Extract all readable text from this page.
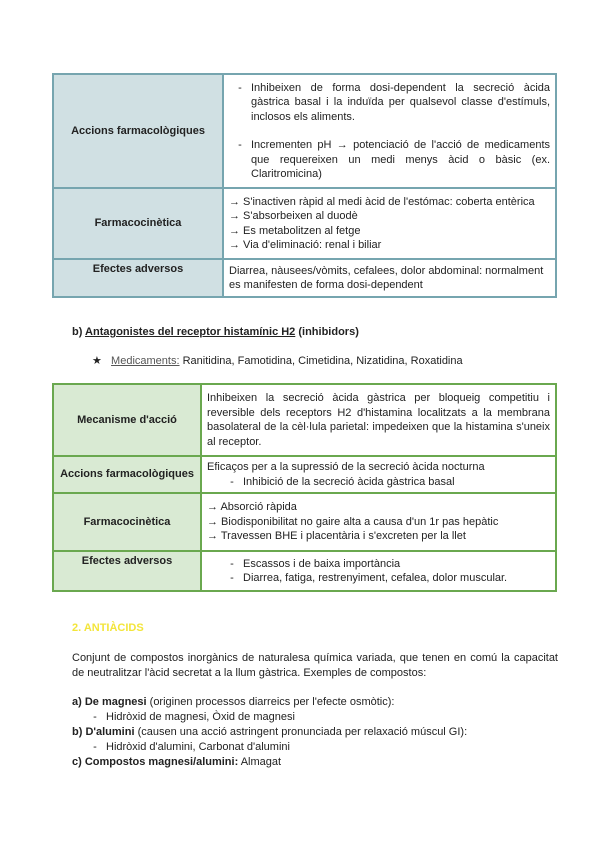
Accions farmacològiques	- Inhibeixen de forma dosi-dependent la secreció àcida gàstrica basal i la induïda per qualsevol classe d'estímuls, inclosos els aliments.
- Incrementen pH → potenciació de l'acció de medicaments que requereixen un medi menys àcid o bàsic (ex. Claritromicina)

Farmacocinètica	→ S'inactiven ràpid al medi àcid de l'estómac: coberta entèrica
→ S'absorbeixen al duodè
→ Es metabolitzen al fetge
→ Via d'eliminació: renal i biliar

Efectes adversos	Diarrea, nàusees/vòmits, cefalees, dolor abdominal: normalment es manifesten de forma dosi-dependent
b) Antagonistes del receptor histamínic H2 (inhibidors)
★ Medicaments: Ranitidina, Famotidina, Cimetidina, Nizatidina, Roxatidina
Mecanisme d'acció	Inhibeixen la secreció àcida gàstrica per bloqueig competitiu i reversible dels receptors H2 d'histamina localitzats a la membrana basolateral de la cèl·lula parietal: impedeixen que la histamina s'uneix al receptor.
Accions farmacològiques	Eficaços per a la supressió de la secreció àcida nocturna
- Inhibició de la secreció àcida gàstrica basal

Farmacocinètica	→ Absorció ràpida
→ Biodisponibilitat no gaire alta a causa d'un 1r pas hepàtic
→ Travessen BHE i placentària i s'excreten per la llet

Efectes adversos	- Escassos i de baixa importància
- Diarrea, fatiga, restrenyiment, cefalea, dolor muscular.
2. ANTIÀCIDS
Conjunt de compostos inorgànics de naturalesa química variada, que tenen en comú la capacitat de neutralitzar l'àcid secretat a la llum gàstrica. Exemples de compostos:
a) De magnesi (originen processos diarreics per l'efecte osmòtic):
- Hidròxid de magnesi, Òxid de magnesi
b) D'alumini (causen una acció astringent pronunciada per relaxació múscul GI):
- Hidròxid d'alumini, Carbonat d'alumini
c) Compostos magnesi/alumini: Almagat
